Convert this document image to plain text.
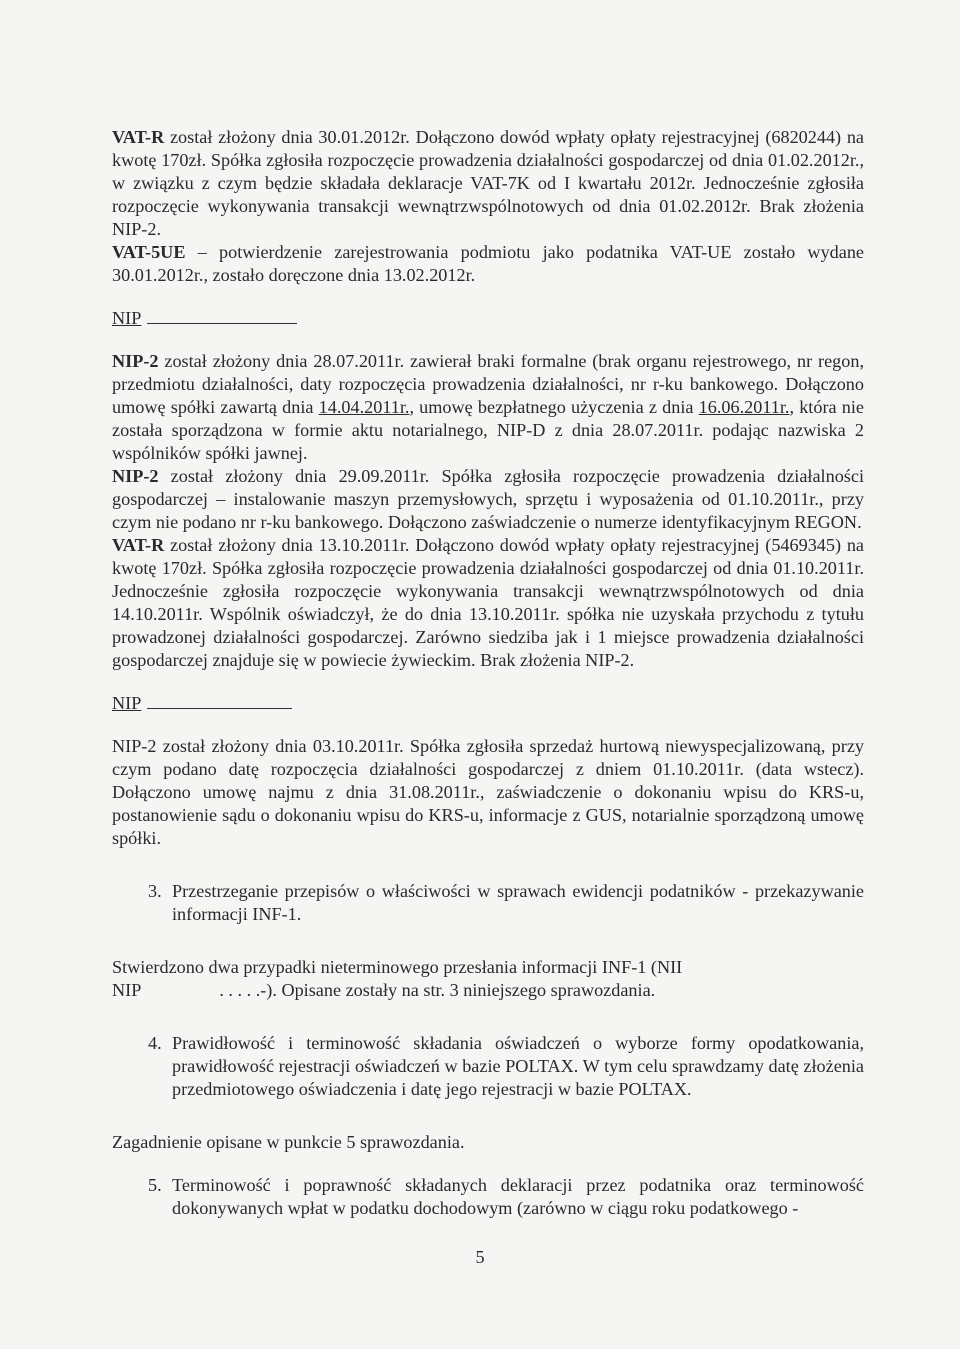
VAT-R został złożony dnia 30.01.2012r. Dołączono dowód wpłaty opłaty rejestracyjnej (6820244) na kwotę 170zł. Spółka zgłosiła rozpoczęcie prowadzenia działalności gospodarczej od dnia 01.02.2012r., w związku z czym będzie składała deklaracje VAT-7K od I kwartału 2012r. Jednocześnie zgłosiła rozpoczęcie wykonywania transakcji wewnątrzwspólnotowych od dnia 01.02.2012r. Brak złożenia NIP-2.

VAT-5UE – potwierdzenie zarejestrowania podmiotu jako podatnika VAT-UE zostało wydane 30.01.2012r., zostało doręczone dnia 13.02.2012r.

NIP

NIP-2 został złożony dnia 28.07.2011r. zawierał braki formalne (brak organu rejestrowego, nr regon, przedmiotu działalności, daty rozpoczęcia prowadzenia działalności, nr r-ku bankowego. Dołączono umowę spółki zawartą dnia 14.04.2011r., umowę bezpłatnego użyczenia z dnia 16.06.2011r., która nie została sporządzona w formie aktu notarialnego, NIP-D z dnia 28.07.2011r. podając nazwiska 2 wspólników spółki jawnej.

NIP-2 został złożony dnia 29.09.2011r. Spółka zgłosiła rozpoczęcie prowadzenia działalności gospodarczej – instalowanie maszyn przemysłowych, sprzętu i wyposażenia od 01.10.2011r., przy czym nie podano nr r-ku bankowego. Dołączono zaświadczenie o numerze identyfikacyjnym REGON.

VAT-R został złożony dnia 13.10.2011r. Dołączono dowód wpłaty opłaty rejestracyjnej (5469345) na kwotę 170zł. Spółka zgłosiła rozpoczęcie prowadzenia działalności gospodarczej od dnia 01.10.2011r. Jednocześnie zgłosiła rozpoczęcie wykonywania transakcji wewnątrzwspólnotowych od dnia 14.10.2011r. Wspólnik oświadczył, że do dnia 13.10.2011r. spółka nie uzyskała przychodu z tytułu prowadzonej działalności gospodarczej. Zarówno siedziba jak i 1 miejsce prowadzenia działalności gospodarczej znajduje się w powiecie żywieckim. Brak złożenia NIP-2.

NIP

NIP-2 został złożony dnia 03.10.2011r. Spółka zgłosiła sprzedaż hurtową niewyspecjalizowaną, przy czym podano datę rozpoczęcia działalności gospodarczej z dniem 01.10.2011r. (data wstecz). Dołączono umowę najmu z dnia 31.08.2011r., zaświadczenie o dokonaniu wpisu do KRS-u, postanowienie sądu o dokonaniu wpisu do KRS-u, informacje z GUS, notarialnie sporządzoną umowę spółki.

3. Przestrzeganie przepisów o właściwości w sprawach ewidencji podatników - przekazywanie informacji INF-1.

Stwierdzono dwa przypadki nieterminowego przesłania informacji INF-1 (NII
NIP	. . . . .-). Opisane zostały na str. 3 niniejszego sprawozdania.

4. Prawidłowość i terminowość składania oświadczeń o wyborze formy opodatkowania, prawidłowość rejestracji oświadczeń w bazie POLTAX. W tym celu sprawdzamy datę złożenia przedmiotowego oświadczenia i datę jego rejestracji w bazie POLTAX.

Zagadnienie opisane w punkcie 5 sprawozdania.

5. Terminowość i poprawność składanych deklaracji przez podatnika oraz terminowość dokonywanych wpłat w podatku dochodowym (zarówno w ciągu roku podatkowego -
5
